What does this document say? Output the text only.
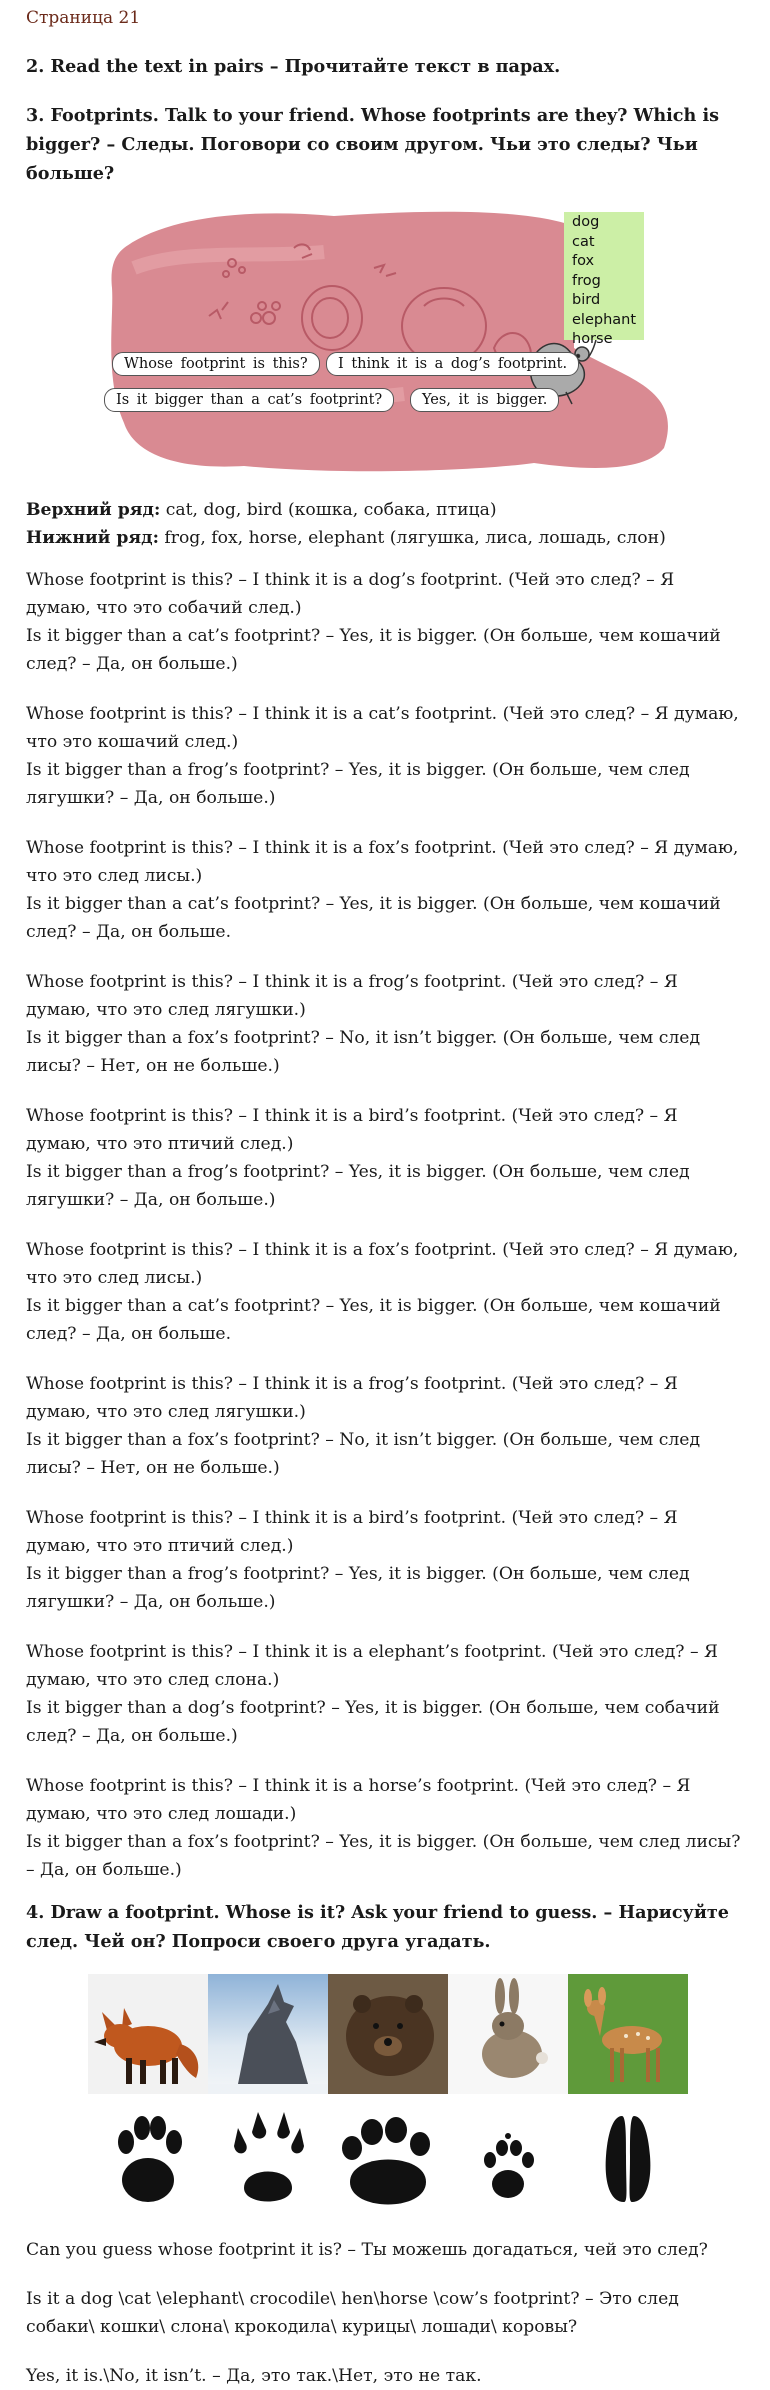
Страница 21

2. Read the text in pairs – Прочитайте текст в парах.

3. Footprints. Talk to your friend. Whose footprints are they? Which is bigger? – Следы. Поговори со своим другом. Чьи это следы? Чьи больше?

dog
cat
fox
frog
bird
elephant
horse
Whose footprint is this?	I think it is a dog’s footprint.
Is it bigger than a cat’s footprint?	Yes, it is bigger.

Верхний ряд: cat, dog, bird (кошка, собака, птица)

Нижний ряд: frog, fox, horse, elephant (лягушка, лиса, лошадь, слон)

Whose footprint is this? – I think it is a dog’s footprint. (Чей это след? – Я думаю, что это собачий след.)

Is it bigger than a cat’s footprint? – Yes, it is bigger. (Он больше, чем кошачий след? – Да, он больше.)

Whose footprint is this? – I think it is a cat’s footprint. (Чей это след? – Я думаю, что это кошачий след.)

Is it bigger than a frog’s footprint? – Yes, it is bigger. (Он больше, чем след лягушки? – Да, он больше.)

Whose footprint is this? – I think it is a fox’s footprint. (Чей это след? – Я думаю, что это след лисы.)

Is it bigger than a cat’s footprint? – Yes, it is bigger. (Он больше, чем кошачий след? – Да, он больше.

Whose footprint is this? – I think it is a frog’s footprint. (Чей это след? – Я думаю, что это след лягушки.)

Is it bigger than a fox’s footprint? – No, it isn’t bigger. (Он больше, чем след лисы? – Нет, он не больше.)

Whose footprint is this? – I think it is a bird’s footprint. (Чей это след? – Я думаю, что это птичий след.)

Is it bigger than a frog’s footprint? – Yes, it is bigger. (Он больше, чем след лягушки? – Да, он больше.)

Whose footprint is this? – I think it is a fox’s footprint. (Чей это след? – Я думаю, что это след лисы.)

Is it bigger than a cat’s footprint? – Yes, it is bigger. (Он больше, чем кошачий след? – Да, он больше.

Whose footprint is this? – I think it is a frog’s footprint. (Чей это след? – Я думаю, что это след лягушки.)

Is it bigger than a fox’s footprint? – No, it isn’t bigger. (Он больше, чем след лисы? – Нет, он не больше.)

Whose footprint is this? – I think it is a bird’s footprint. (Чей это след? – Я думаю, что это птичий след.)

Is it bigger than a frog’s footprint? – Yes, it is bigger. (Он больше, чем след лягушки? – Да, он больше.)

Whose footprint is this? – I think it is a elephant’s footprint. (Чей это след? – Я думаю, что это след слона.)

Is it bigger than a dog’s footprint? – Yes, it is bigger. (Он больше, чем собачий след? – Да, он больше.)

Whose footprint is this? – I think it is a horse’s footprint. (Чей это след? – Я думаю, что это след лошади.)

Is it bigger than a fox’s footprint? – Yes, it is bigger. (Он больше, чем след лисы? – Да, он больше.)

4. Draw a footprint. Whose is it? Ask your friend to guess. – Нарисуйте след. Чей он? Попроси своего друга угадать.

Can you guess whose footprint it is? – Ты можешь догадаться, чей это след?

Is it a dog \cat \elephant\ crocodile\ hen\horse \cow’s footprint? – Это след собаки\ кошки\ слона\ крокодила\ курицы\ лошади\ коровы?

Yes, it is.\No, it isn’t. – Да, это так.\Нет, это не так.
